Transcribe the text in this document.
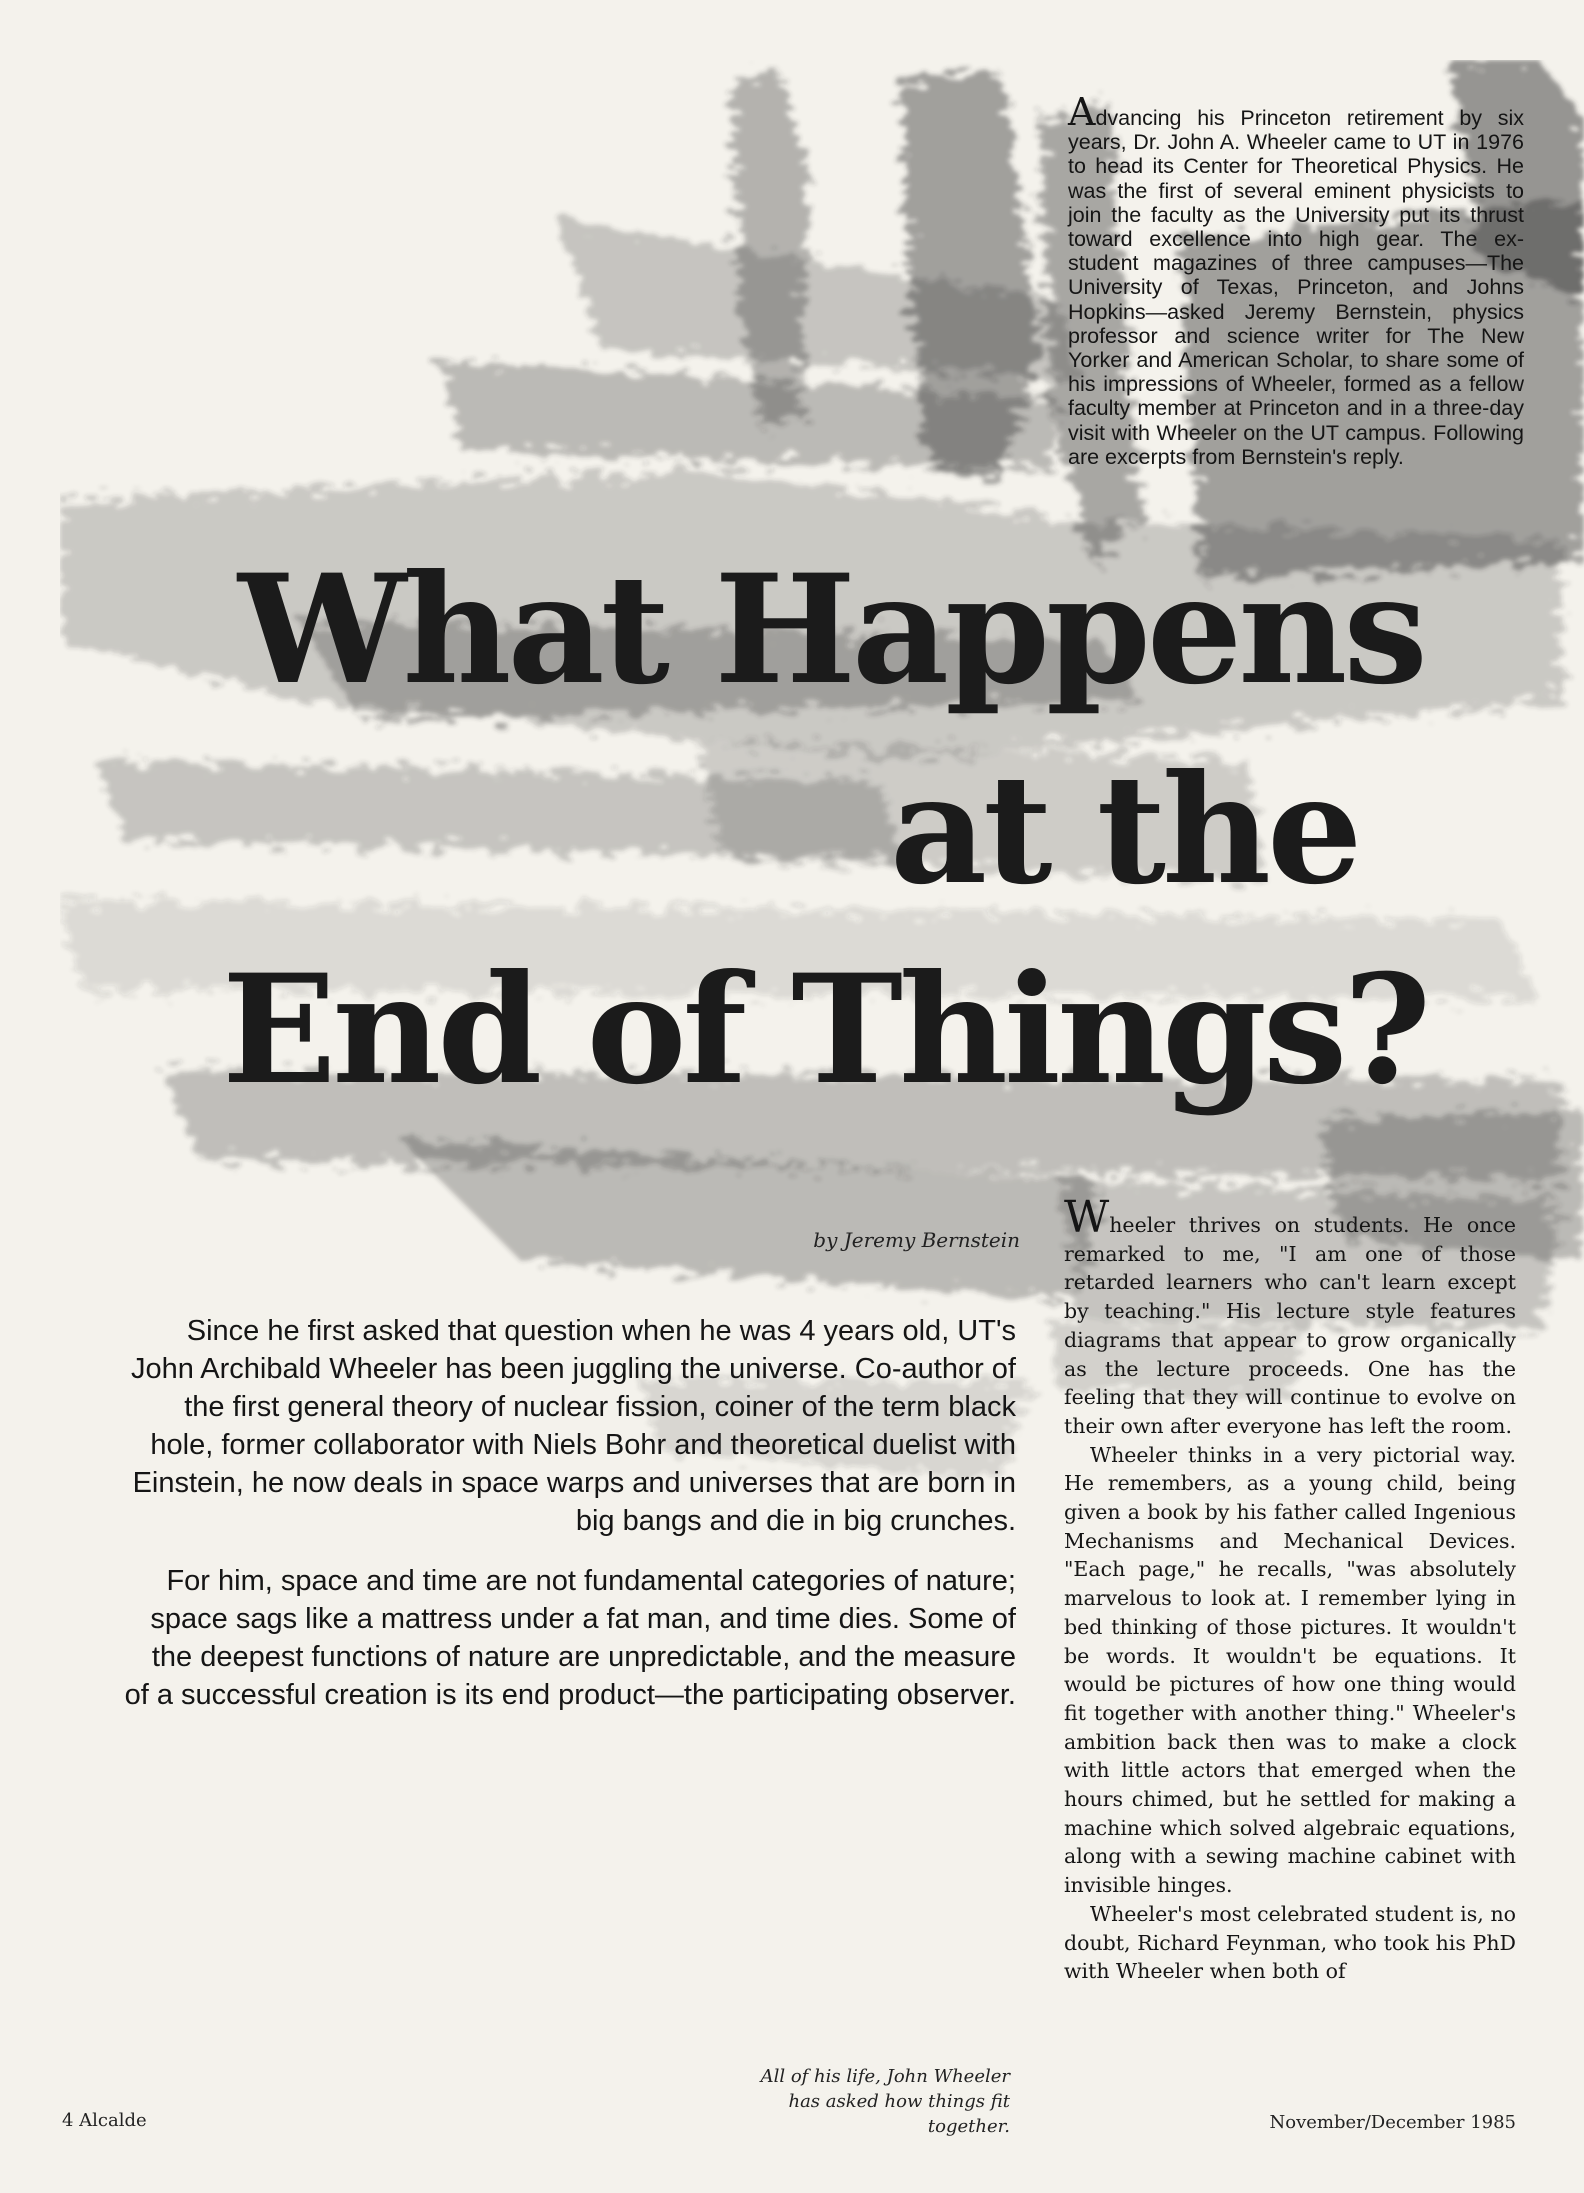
Advancing his Princeton retirement by six years, Dr. John A. Wheeler came to UT in 1976 to head its Center for Theoretical Physics. He was the first of several eminent physicists to join the faculty as the University put its thrust toward excellence into high gear. The ex-student magazines of three campuses—The University of Texas, Princeton, and Johns Hopkins—asked Jeremy Bernstein, physics professor and science writer for The New Yorker and American Scholar, to share some of his impressions of Wheeler, formed as a fellow faculty member at Princeton and in a three-day visit with Wheeler on the UT campus. Following are excerpts from Bernstein's reply.
What Happens
at the
End of Things?
by Jeremy Bernstein

Since he first asked that question when he was 4 years old, UT's John Archibald Wheeler has been juggling the universe. Co-author of the first general theory of nuclear fission, coiner of the term black hole, former collaborator with Niels Bohr and theoretical duelist with Einstein, he now deals in space warps and universes that are born in big bangs and die in big crunches.

For him, space and time are not fundamental categories of nature; space sags like a mattress under a fat man, and time dies. Some of the deepest functions of nature are unpredictable, and the measure of a successful creation is its end product—the participating observer.

All of his life, John Wheeler has asked how things fit together.

Wheeler thrives on students. He once remarked to me, "I am one of those retarded learners who can't learn except by teaching." His lecture style features diagrams that appear to grow organically as the lecture proceeds. One has the feeling that they will continue to evolve on their own after everyone has left the room.

Wheeler thinks in a very pictorial way. He remembers, as a young child, being given a book by his father called Ingenious Mechanisms and Mechanical Devices. "Each page," he recalls, "was absolutely marvelous to look at. I remember lying in bed thinking of those pictures. It wouldn't be words. It wouldn't be equations. It would be pictures of how one thing would fit together with another thing." Wheeler's ambition back then was to make a clock with little actors that emerged when the hours chimed, but he settled for making a machine which solved algebraic equations, along with a sewing machine cabinet with invisible hinges.

Wheeler's most celebrated student is, no doubt, Richard Feynman, who took his PhD with Wheeler when both of

4 Alcalde	November/December 1985
